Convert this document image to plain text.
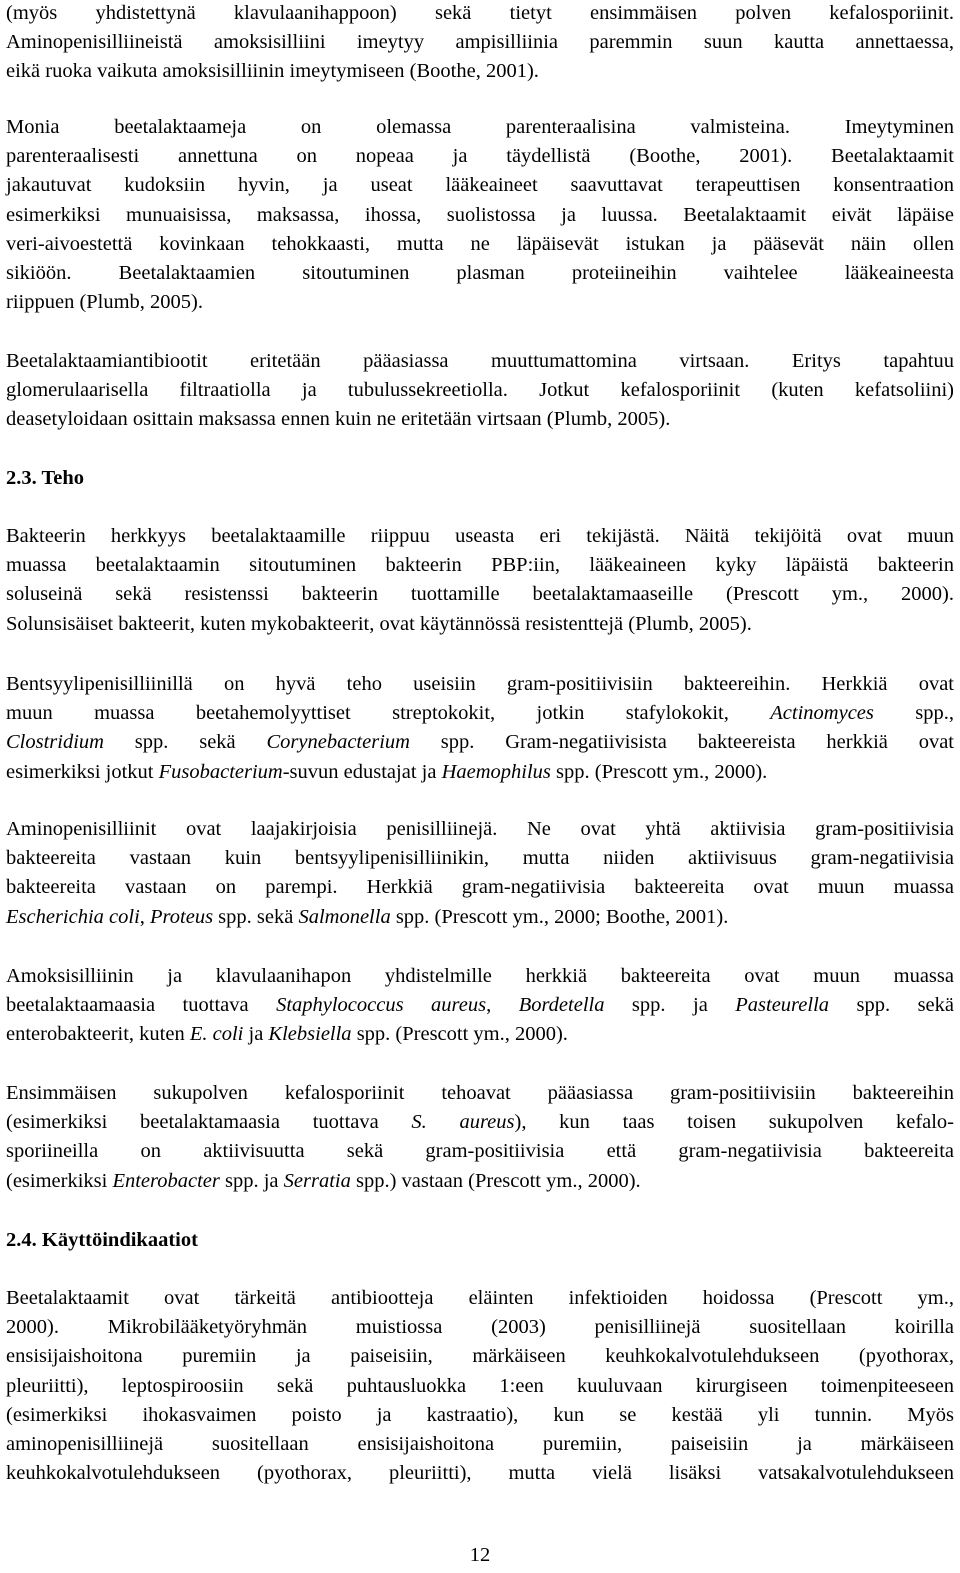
(myös yhdistettynä klavulaanihappoon) sekä tietyt ensimmäisen polven kefalosporiinit.
Aminopenisilliineistä amoksisilliini imeytyy ampisilliinia paremmin suun kautta annettaessa,
eikä ruoka vaikuta amoksisilliinin imeytymiseen (Boothe, 2001).
Monia beetalaktaameja on olemassa parenteraalisina valmisteina. Imeytyminen
parenteraalisesti annettuna on nopeaa ja täydellistä (Boothe, 2001). Beetalaktaamit
jakautuvat kudoksiin hyvin, ja useat lääkeaineet saavuttavat terapeuttisen konsentraation
esimerkiksi munuaisissa, maksassa, ihossa, suolistossa ja luussa. Beetalaktaamit eivät läpäise
veri-aivoestettä kovinkaan tehokkaasti, mutta ne läpäisevät istukan ja pääsevät näin ollen
sikiöön. Beetalaktaamien sitoutuminen plasman proteiineihin vaihtelee lääkeaineesta
riippuen (Plumb, 2005).
Beetalaktaamiantibiootit eritetään pääasiassa muuttumattomina virtsaan. Eritys tapahtuu
glomerulaarisella filtraatiolla ja tubulussekreetiolla. Jotkut kefalosporiinit (kuten kefatsoliini)
deasetyloidaan osittain maksassa ennen kuin ne eritetään virtsaan (Plumb, 2005).
2.3. Teho
Bakteerin herkkyys beetalaktaamille riippuu useasta eri tekijästä. Näitä tekijöitä ovat muun
muassa beetalaktaamin sitoutuminen bakteerin PBP:iin, lääkeaineen kyky läpäistä bakteerin
soluseinä sekä resistenssi bakteerin tuottamille beetalaktamaaseille (Prescott ym., 2000).
Solunsisäiset bakteerit, kuten mykobakteerit, ovat käytännössä resistenttejä (Plumb, 2005).
Bentsyylipenisilliinillä on hyvä teho useisiin gram-positiivisiin bakteereihin. Herkkiä ovat
muun muassa beetahemolyyttiset streptokokit, jotkin stafylokokit, Actinomyces spp.,
Clostridium spp. sekä Corynebacterium spp. Gram-negatiivisista bakteereista herkkiä ovat
esimerkiksi jotkut Fusobacterium-suvun edustajat ja Haemophilus spp. (Prescott ym., 2000).
Aminopenisilliinit ovat laajakirjoisia penisilliinejä. Ne ovat yhtä aktiivisia gram-positiivisia
bakteereita vastaan kuin bentsyylipenisilliinikin, mutta niiden aktiivisuus gram-negatiivisia
bakteereita vastaan on parempi. Herkkiä gram-negatiivisia bakteereita ovat muun muassa
Escherichia coli, Proteus spp. sekä Salmonella spp. (Prescott ym., 2000; Boothe, 2001).
Amoksisilliinin ja klavulaanihapon yhdistelmille herkkiä bakteereita ovat muun muassa
beetalaktaamaasia tuottava Staphylococcus aureus, Bordetella spp. ja Pasteurella spp. sekä
enterobakteerit, kuten E. coli ja Klebsiella spp. (Prescott ym., 2000).
Ensimmäisen sukupolven kefalosporiinit tehoavat pääasiassa gram-positiivisiin bakteereihin
(esimerkiksi beetalaktamaasia tuottava S. aureus), kun taas toisen sukupolven kefalo-
sporiineilla on aktiivisuutta sekä gram-positiivisia että gram-negatiivisia bakteereita
(esimerkiksi Enterobacter spp. ja Serratia spp.) vastaan (Prescott ym., 2000).
2.4. Käyttöindikaatiot
Beetalaktaamit ovat tärkeitä antibiootteja eläinten infektioiden hoidossa (Prescott ym.,
2000). Mikrobilääketyöryhmän muistiossa (2003) penisilliinejä suositellaan koirilla
ensisijaishoitona puremiin ja paiseisiin, märkäiseen keuhkokalvotulehdukseen (pyothorax,
pleuriitti), leptospiroosiin sekä puhtausluokka 1:een kuuluvaan kirurgiseen toimenpiteeseen
(esimerkiksi ihokasvaimen poisto ja kastraatio), kun se kestää yli tunnin. Myös
aminopenisilliinejä suositellaan ensisijaishoitona puremiin, paiseisiin ja märkäiseen
keuhkokalvotulehdukseen (pyothorax, pleuriitti), mutta vielä lisäksi vatsakalvotulehdukseen
12
